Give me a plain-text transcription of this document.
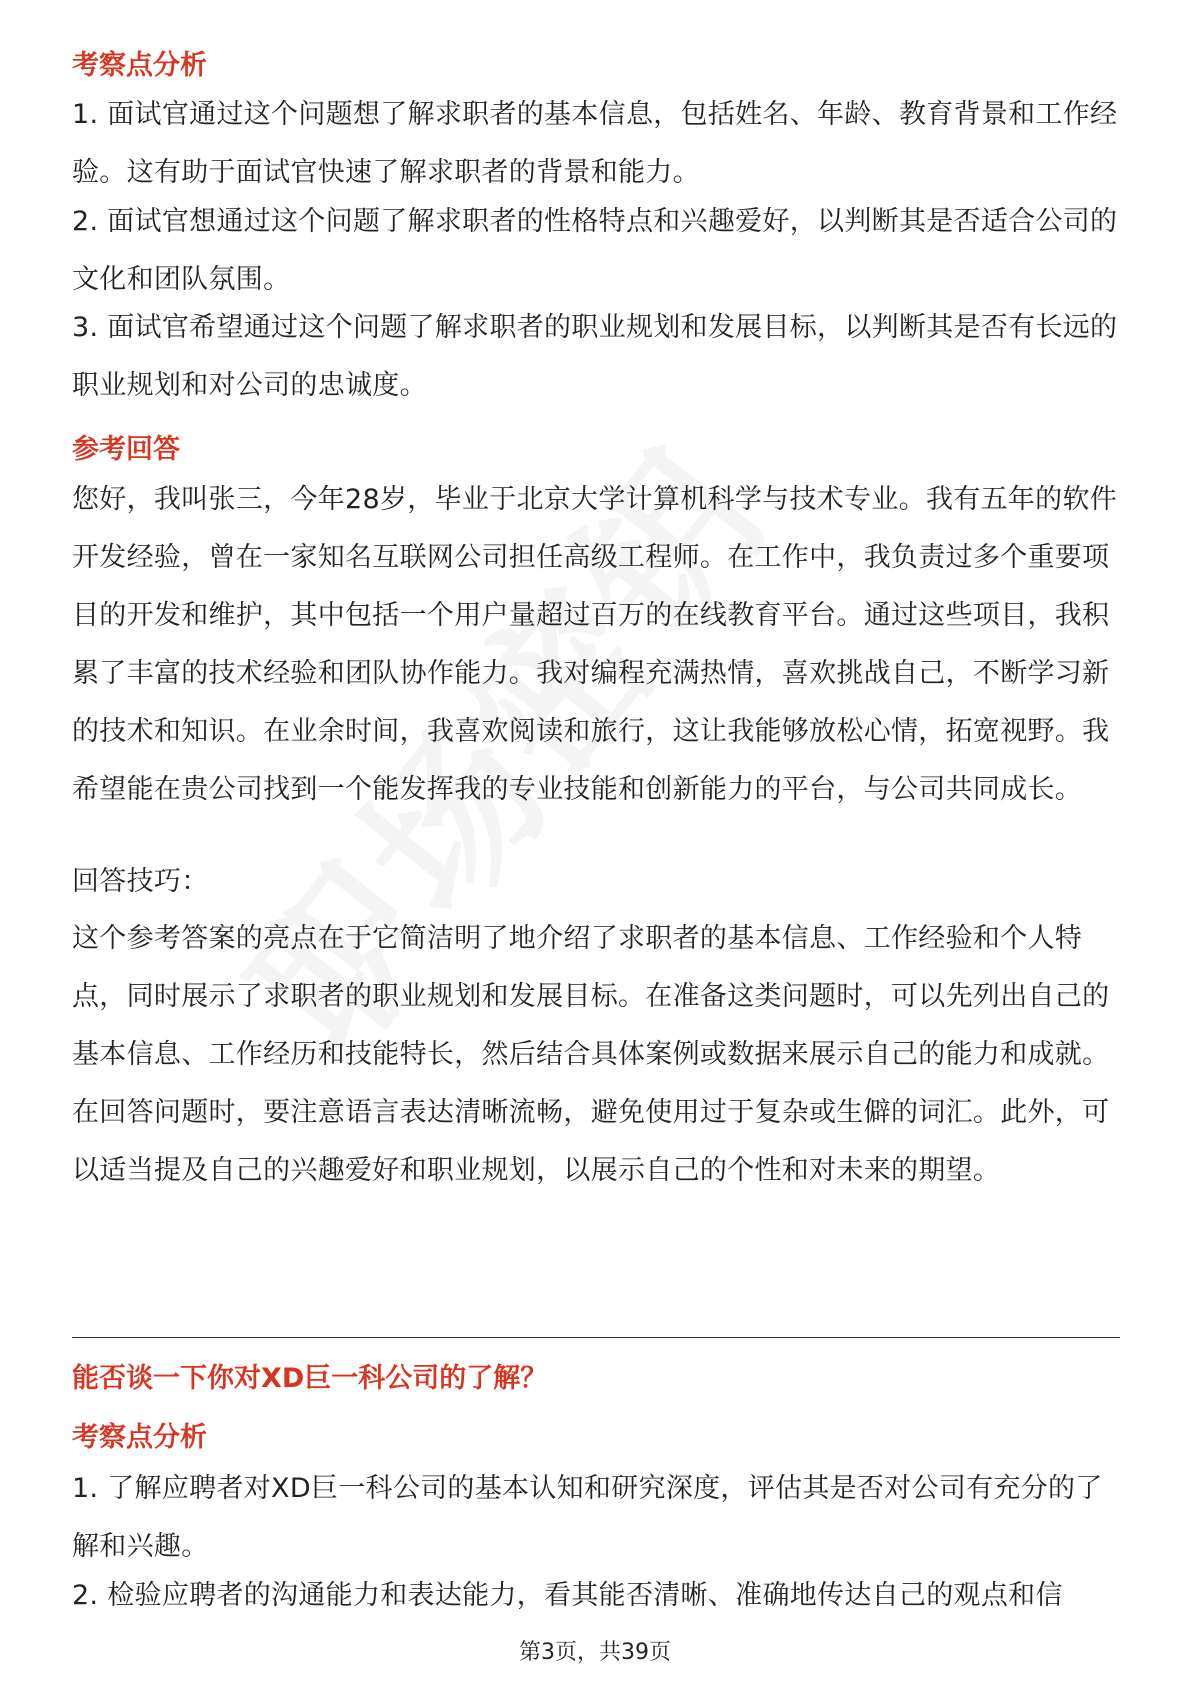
考察点分析

1. 面试官通过这个问题想了解求职者的基本信息，包括姓名、年龄、教育背景和工作经验。这有助于面试官快速了解求职者的背景和能力。

2. 面试官想通过这个问题了解求职者的性格特点和兴趣爱好，以判断其是否适合公司的文化和团队氛围。

3. 面试官希望通过这个问题了解求职者的职业规划和发展目标，以判断其是否有长远的职业规划和对公司的忠诚度。

参考回答

您好，我叫张三，今年28岁，毕业于北京大学计算机科学与技术专业。我有五年的软件开发经验，曾在一家知名互联网公司担任高级工程师。在工作中，我负责过多个重要项目的开发和维护，其中包括一个用户量超过百万的在线教育平台。通过这些项目，我积累了丰富的技术经验和团队协作能力。我对编程充满热情，喜欢挑战自己，不断学习新的技术和知识。在业余时间，我喜欢阅读和旅行，这让我能够放松心情，拓宽视野。我希望能在贵公司找到一个能发挥我的专业技能和创新能力的平台，与公司共同成长。

回答技巧：

这个参考答案的亮点在于它简洁明了地介绍了求职者的基本信息、工作经验和个人特点，同时展示了求职者的职业规划和发展目标。在准备这类问题时，可以先列出自己的基本信息、工作经历和技能特长，然后结合具体案例或数据来展示自己的能力和成就。在回答问题时，要注意语言表达清晰流畅，避免使用过于复杂或生僻的词汇。此外，可以适当提及自己的兴趣爱好和职业规划，以展示自己的个性和对未来的期望。

能否谈一下你对XD巨一科公司的了解？
考察点分析

1. 了解应聘者对XD巨一科公司的基本认知和研究深度，评估其是否对公司有充分的了解和兴趣。

2. 检验应聘者的沟通能力和表达能力，看其能否清晰、准确地传达自己的观点和信

第3页，共39页
